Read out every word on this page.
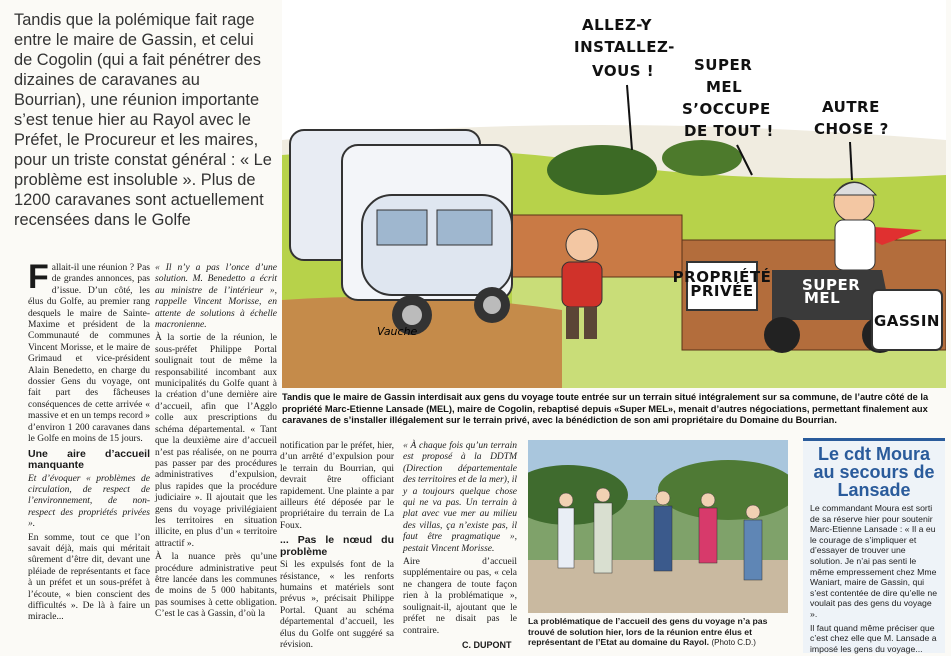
Tandis que la polémique fait rage entre le maire de Gassin, et celui de Cogolin (qui a fait pénétrer des dizaines de caravanes au Bourrian), une réunion importante s’est tenue hier au Rayol avec le Préfet, le Procureur et les maires, pour un triste constat général : « Le problème est insoluble ». Plus de 1200 caravanes sont actuellement recensées dans le Golfe
Vauche
PROPRIÉTÉ
PRIVÉE	SUPER
MEL
GASSIN
ALLEZ-Y
INSTALLEZ-
VOUS !	SUPER
MEL
S’OCCUPE
DE TOUT !
AUTRE
CHOSE ?
Tandis que le maire de Gassin interdisait aux gens du voyage toute entrée sur un terrain situé intégralement sur sa commune, de l’autre côté de la propriété Marc-Etienne Lansade (MEL), maire de Cogolin, rebaptisé depuis «Super MEL», menait d’autres négociations, permettant finalement aux caravanes de s’installer illégalement sur le terrain privé, avec la bénédiction de son ami propriétaire du Domaine du Bourrian.

Fallait-il une réunion ? Pas de grandes annonces, pas d’issue. D’un côté, les élus du Golfe, au premier rang desquels le maire de Sainte-Maxime et président de la Communauté de communes Vincent Morisse, et le maire de Grimaud et vice-président Alain Benedetto, en charge du dossier Gens du voyage, ont fait part des fâcheuses conséquences de cette arrivée « massive et en un temps record » d’environ 1 200 caravanes dans le Golfe en moins de 15 jours.

Une aire d’accueil manquante

Et d’évoquer « problèmes de circulation, de respect de l’environnement, de non-respect des propriétés privées ».

En somme, tout ce que l’on savait déjà, mais qui méritait sûrement d’être dit, devant une pléiade de représentants et face à un préfet et un sous-préfet à l’écoute, « bien conscient des difficultés ». De là à faire un miracle...

« Il n’y a pas l’once d’une solution. M. Benedetto a écrit au ministre de l’intérieur », rappelle Vincent Morisse, en attente de solutions à échelle macronienne.

À la sortie de la réunion, le sous-préfet Philippe Portal soulignait tout de même la responsabilité incombant aux municipalités du Golfe quant à la création d’une dernière aire d’accueil, afin que l’Agglo colle aux prescriptions du schéma départemental. « Tant que la deuxième aire d’accueil n’est pas réalisée, on ne pourra pas passer par des procédures administratives d’expulsion, plus rapides que la procédure judiciaire ». Il ajoutait que les gens du voyage privilégiaient les territoires en situation illicite, en plus d’un « territoire attractif ».

À la nuance près qu’une procédure administrative peut être lancée dans les communes de moins de 5 000 habitants, pas soumises à cette obligation. C’est le cas à Gassin, d’où la

notification par le préfet, hier, d’un arrêté d’expulsion pour le terrain du Bourrian, qui devrait être officiant rapidement. Une plainte a par ailleurs été déposée par le propriétaire du terrain de La Foux.

... Pas le nœud du problème

Si les expulsés font de la résistance, « les renforts humains et matériels sont prévus », précisait Philippe Portal. Quant au schéma départemental d’accueil, les élus du Golfe ont suggéré sa révision.

« À chaque fois qu’un terrain est proposé à la DDTM (Direction départementale des territoires et de la mer), il y a toujours quelque chose qui ne va pas. Un terrain à plat avec vue mer au milieu des villas, ça n’existe pas, il faut être pragmatique », pestait Vincent Morisse.

Aire d’accueil supplémentaire ou pas, « cela ne changera de toute façon rien à la problématique », soulignait-il, ajoutant que le préfet ne disait pas le contraire.

C. DUPONT
La problématique de l’accueil des gens du voyage n’a pas trouvé de solution hier, lors de la réunion entre élus et représentant de l’Etat au domaine du Rayol. (Photo C.D.)
Le cdt Moura au secours de Lansade

Le commandant Moura est sorti de sa réserve hier pour soutenir Marc-Etienne Lansade : « Il a eu le courage de s’impliquer et d’essayer de trouver une solution. Je n’ai pas senti le même empressement chez Mme Waniart, maire de Gassin, qui s’est contentée de dire qu’elle ne voulait pas des gens du voyage ».

Il faut quand même préciser que c’est chez elle que M. Lansade a imposé les gens du voyage...
